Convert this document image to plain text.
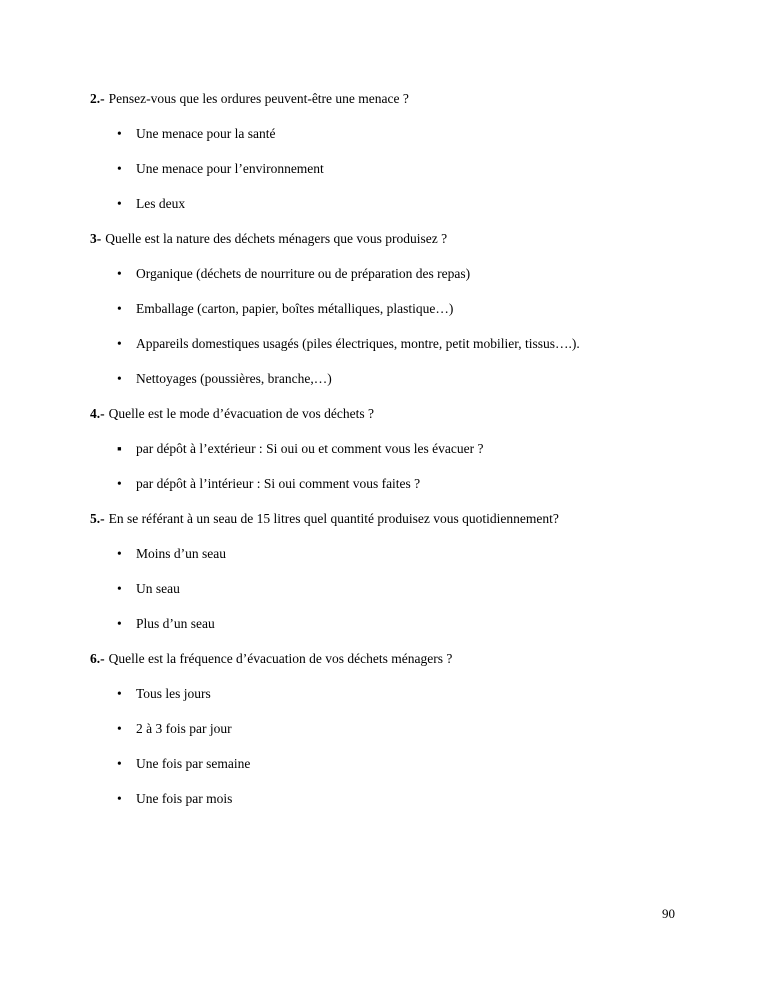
2.- Pensez-vous que les ordures peuvent-être une menace ?

•	Une menace pour la santé
•	Une menace pour l’environnement
•	Les deux

3- Quelle est la nature des déchets ménagers que vous produisez ?

•	Organique (déchets de nourriture ou de préparation des repas)
•	Emballage (carton, papier, boîtes métalliques, plastique…)
•	Appareils domestiques usagés (piles électriques, montre, petit mobilier, tissus….).
•	Nettoyages (poussières, branche,…)

4.- Quelle est le mode d’évacuation de vos déchets ?

▪	par dépôt à l’extérieur : Si oui ou et comment vous les évacuer ?
•	par dépôt à l’intérieur : Si oui comment vous faites ?

5.- En se référant à un seau de 15 litres quel quantité produisez vous quotidiennement?

•	Moins d’un seau
•	Un seau
•	Plus d’un seau

6.- Quelle est la fréquence d’évacuation de vos déchets ménagers ?

•	Tous les jours
•	2 à 3 fois par jour
•	Une fois par semaine
•	Une fois par mois
90
